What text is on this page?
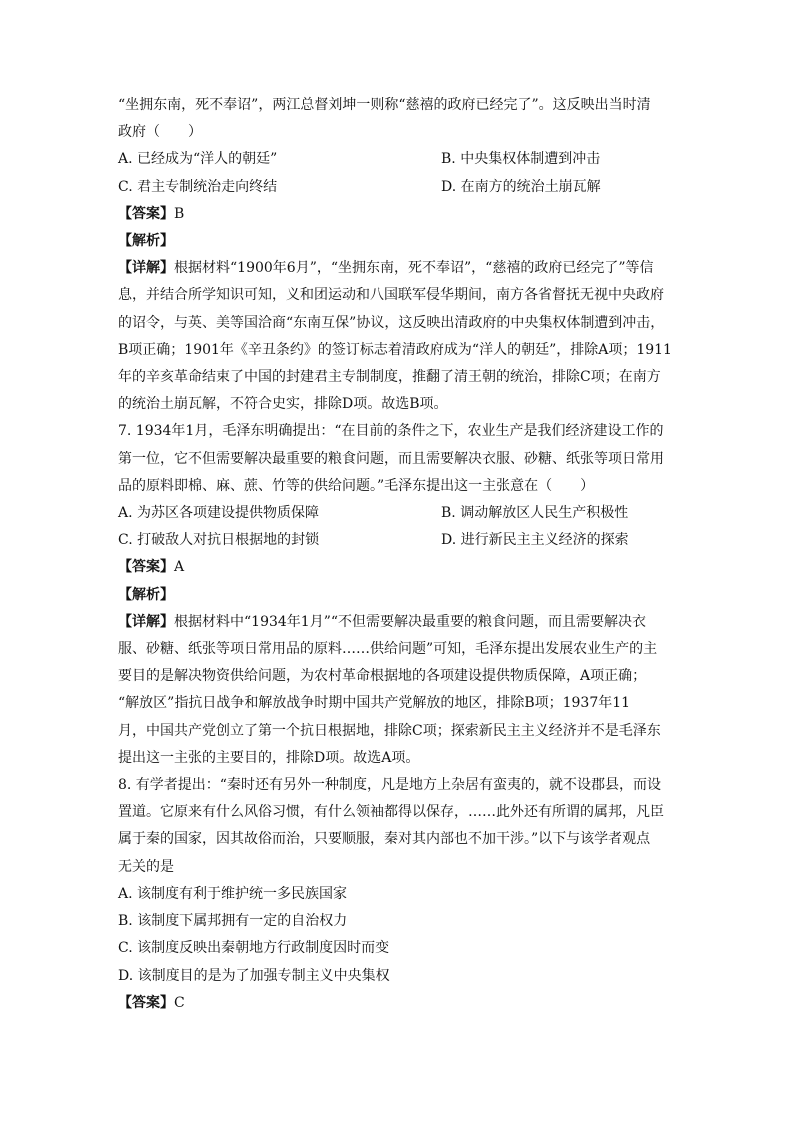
“坐拥东南，死不奉诏”，两江总督刘坤一则称“慈禧的政府已经完了”。这反映出当时清
政府（　　）
A. 已经成为“洋人的朝廷”	B. 中央集权体制遭到冲击
C. 君主专制统治走向终结	D. 在南方的统治土崩瓦解
【答案】B
【解析】
【详解】根据材料“1900年6月”，“坐拥东南，死不奉诏”，“慈禧的政府已经完了”等信
息，并结合所学知识可知，义和团运动和八国联军侵华期间，南方各省督抚无视中央政府
的诏令，与英、美等国洽商“东南互保”协议，这反映出清政府的中央集权体制遭到冲击，
B项正确；1901年《辛丑条约》的签订标志着清政府成为“洋人的朝廷”，排除A项；1911
年的辛亥革命结束了中国的封建君主专制制度，推翻了清王朝的统治，排除C项；在南方
的统治土崩瓦解，不符合史实，排除D项。故选B项。
7. 1934年1月，毛泽东明确提出：“在目前的条件之下，农业生产是我们经济建设工作的
第一位，它不但需要解决最重要的粮食问题，而且需要解决衣服、砂糖、纸张等项日常用
品的原料即棉、麻、蔗、竹等的供给问题。”毛泽东提出这一主张意在（　　）
A. 为苏区各项建设提供物质保障	B. 调动解放区人民生产积极性
C. 打破敌人对抗日根据地的封锁	D. 进行新民主主义经济的探索
【答案】A
【解析】
【详解】根据材料中“1934年1月”“不但需要解决最重要的粮食问题，而且需要解决衣
服、砂糖、纸张等项日常用品的原料……供给问题”可知，毛泽东提出发展农业生产的主
要目的是解决物资供给问题，为农村革命根据地的各项建设提供物质保障，A项正确；
“解放区”指抗日战争和解放战争时期中国共产党解放的地区，排除B项；1937年11
月，中国共产党创立了第一个抗日根据地，排除C项；探索新民主主义经济并不是毛泽东
提出这一主张的主要目的，排除D项。故选A项。
8. 有学者提出：“秦时还有另外一种制度，凡是地方上杂居有蛮夷的，就不设郡县，而设
置道。它原来有什么风俗习惯，有什么领袖都得以保存，……此外还有所谓的属邦，凡臣
属于秦的国家，因其故俗而治，只要顺服，秦对其内部也不加干涉。”以下与该学者观点
无关的是
A. 该制度有利于维护统一多民族国家
B. 该制度下属邦拥有一定的自治权力
C. 该制度反映出秦朝地方行政制度因时而变
D. 该制度目的是为了加强专制主义中央集权
【答案】C
